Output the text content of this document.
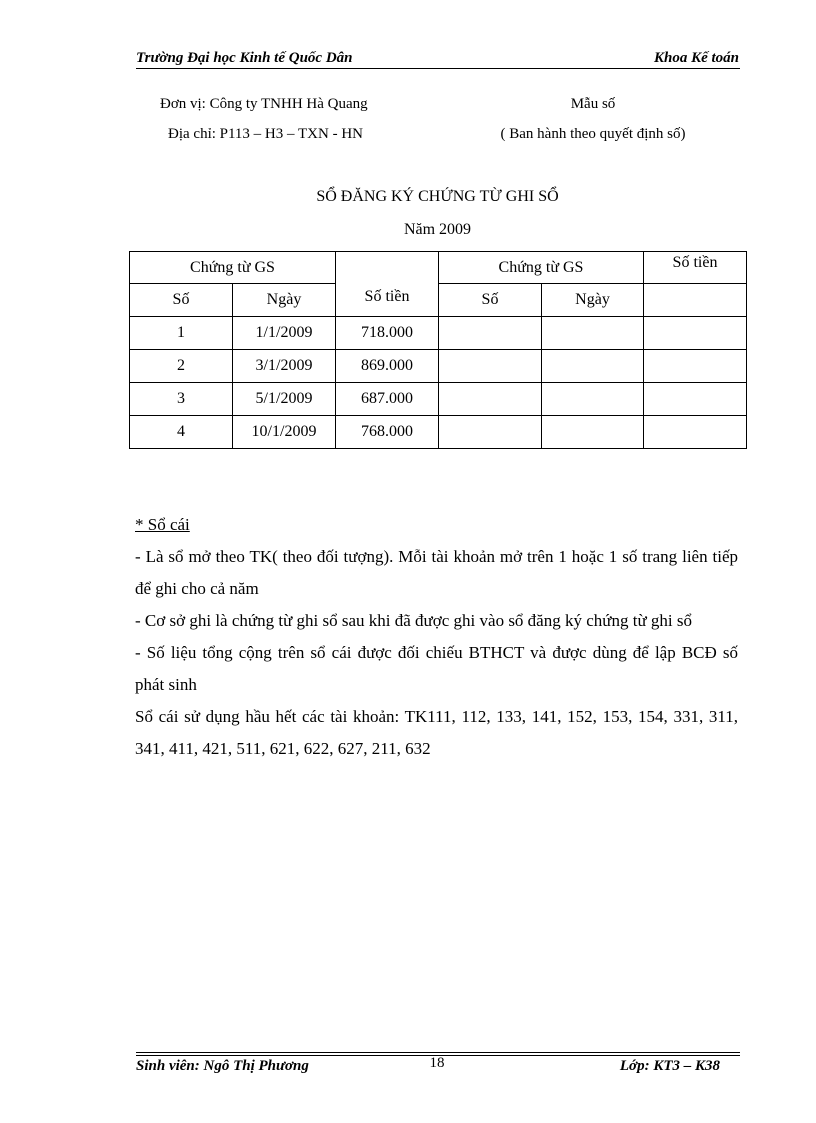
Trường Đại học Kinh tế Quốc Dân	Khoa Kế toán
Đơn vị: Công ty TNHH Hà Quang
Địa chỉ: P113 – H3 – TXN - HN
Mẫu số
( Ban hành theo quyết định số)
SỔ ĐĂNG KÝ CHỨNG TỪ GHI SỔ
Năm 2009
Chứng từ GS		Số tiền	Chứng từ GS		Số tiền
Số	Ngày		Số	Ngày	
1	1/1/2009	718.000			
2	3/1/2009	869.000			
3	5/1/2009	687.000			
4	10/1/2009	768.000			

* Sổ cái

- Là sổ mở theo TK( theo đối tượng). Mỗi tài khoản mở trên 1 hoặc 1 số trang liên tiếp để ghi cho cả năm

- Cơ sở ghi là chứng từ ghi sổ sau khi đã được ghi vào sổ đăng ký chứng từ ghi sổ

- Số liệu tổng cộng trên sổ cái được đối chiếu BTHCT và được dùng để lập BCĐ số phát sinh

Sổ cái sử dụng hầu hết các tài khoản: TK111, 112, 133, 141, 152, 153, 154, 331, 311, 341, 411, 421, 511, 621, 622, 627, 211, 632

Sinh viên: Ngô Thị Phương	18	Lớp: KT3 – K38
